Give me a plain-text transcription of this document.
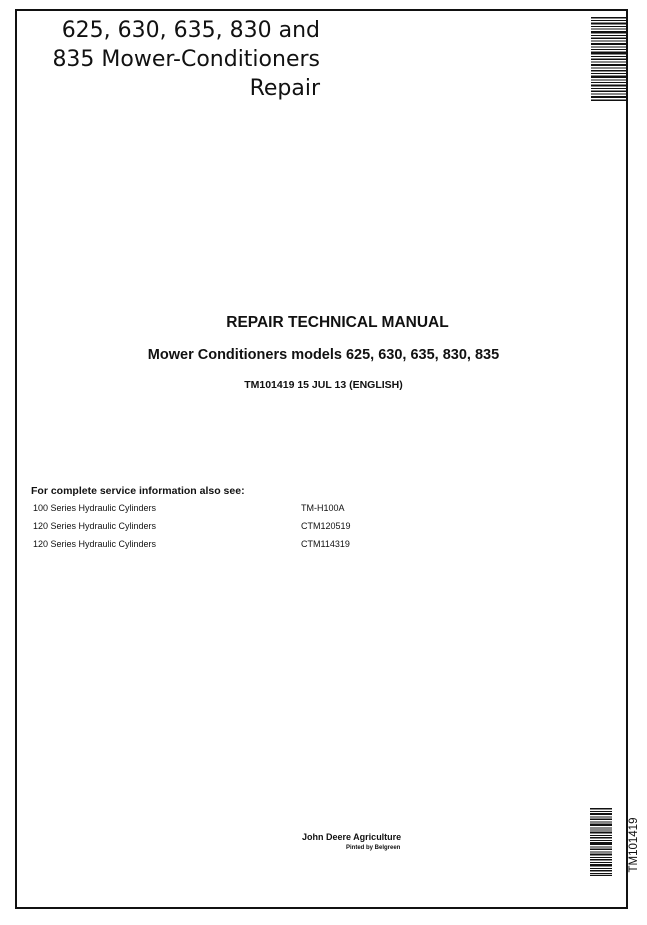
625, 630, 635, 830 and
835 Mower-Conditioners
Repair
REPAIR TECHNICAL MANUAL
Mower Conditioners models 625, 630, 635, 830, 835
TM101419 15 JUL 13 (ENGLISH)
For complete service information also see:
100 Series Hydraulic Cylinders	TM-H100A
120 Series Hydraulic Cylinders	CTM120519
120 Series Hydraulic Cylinders	CTM114319
John Deere Agriculture
Pinted by Belgreen	TM101419
